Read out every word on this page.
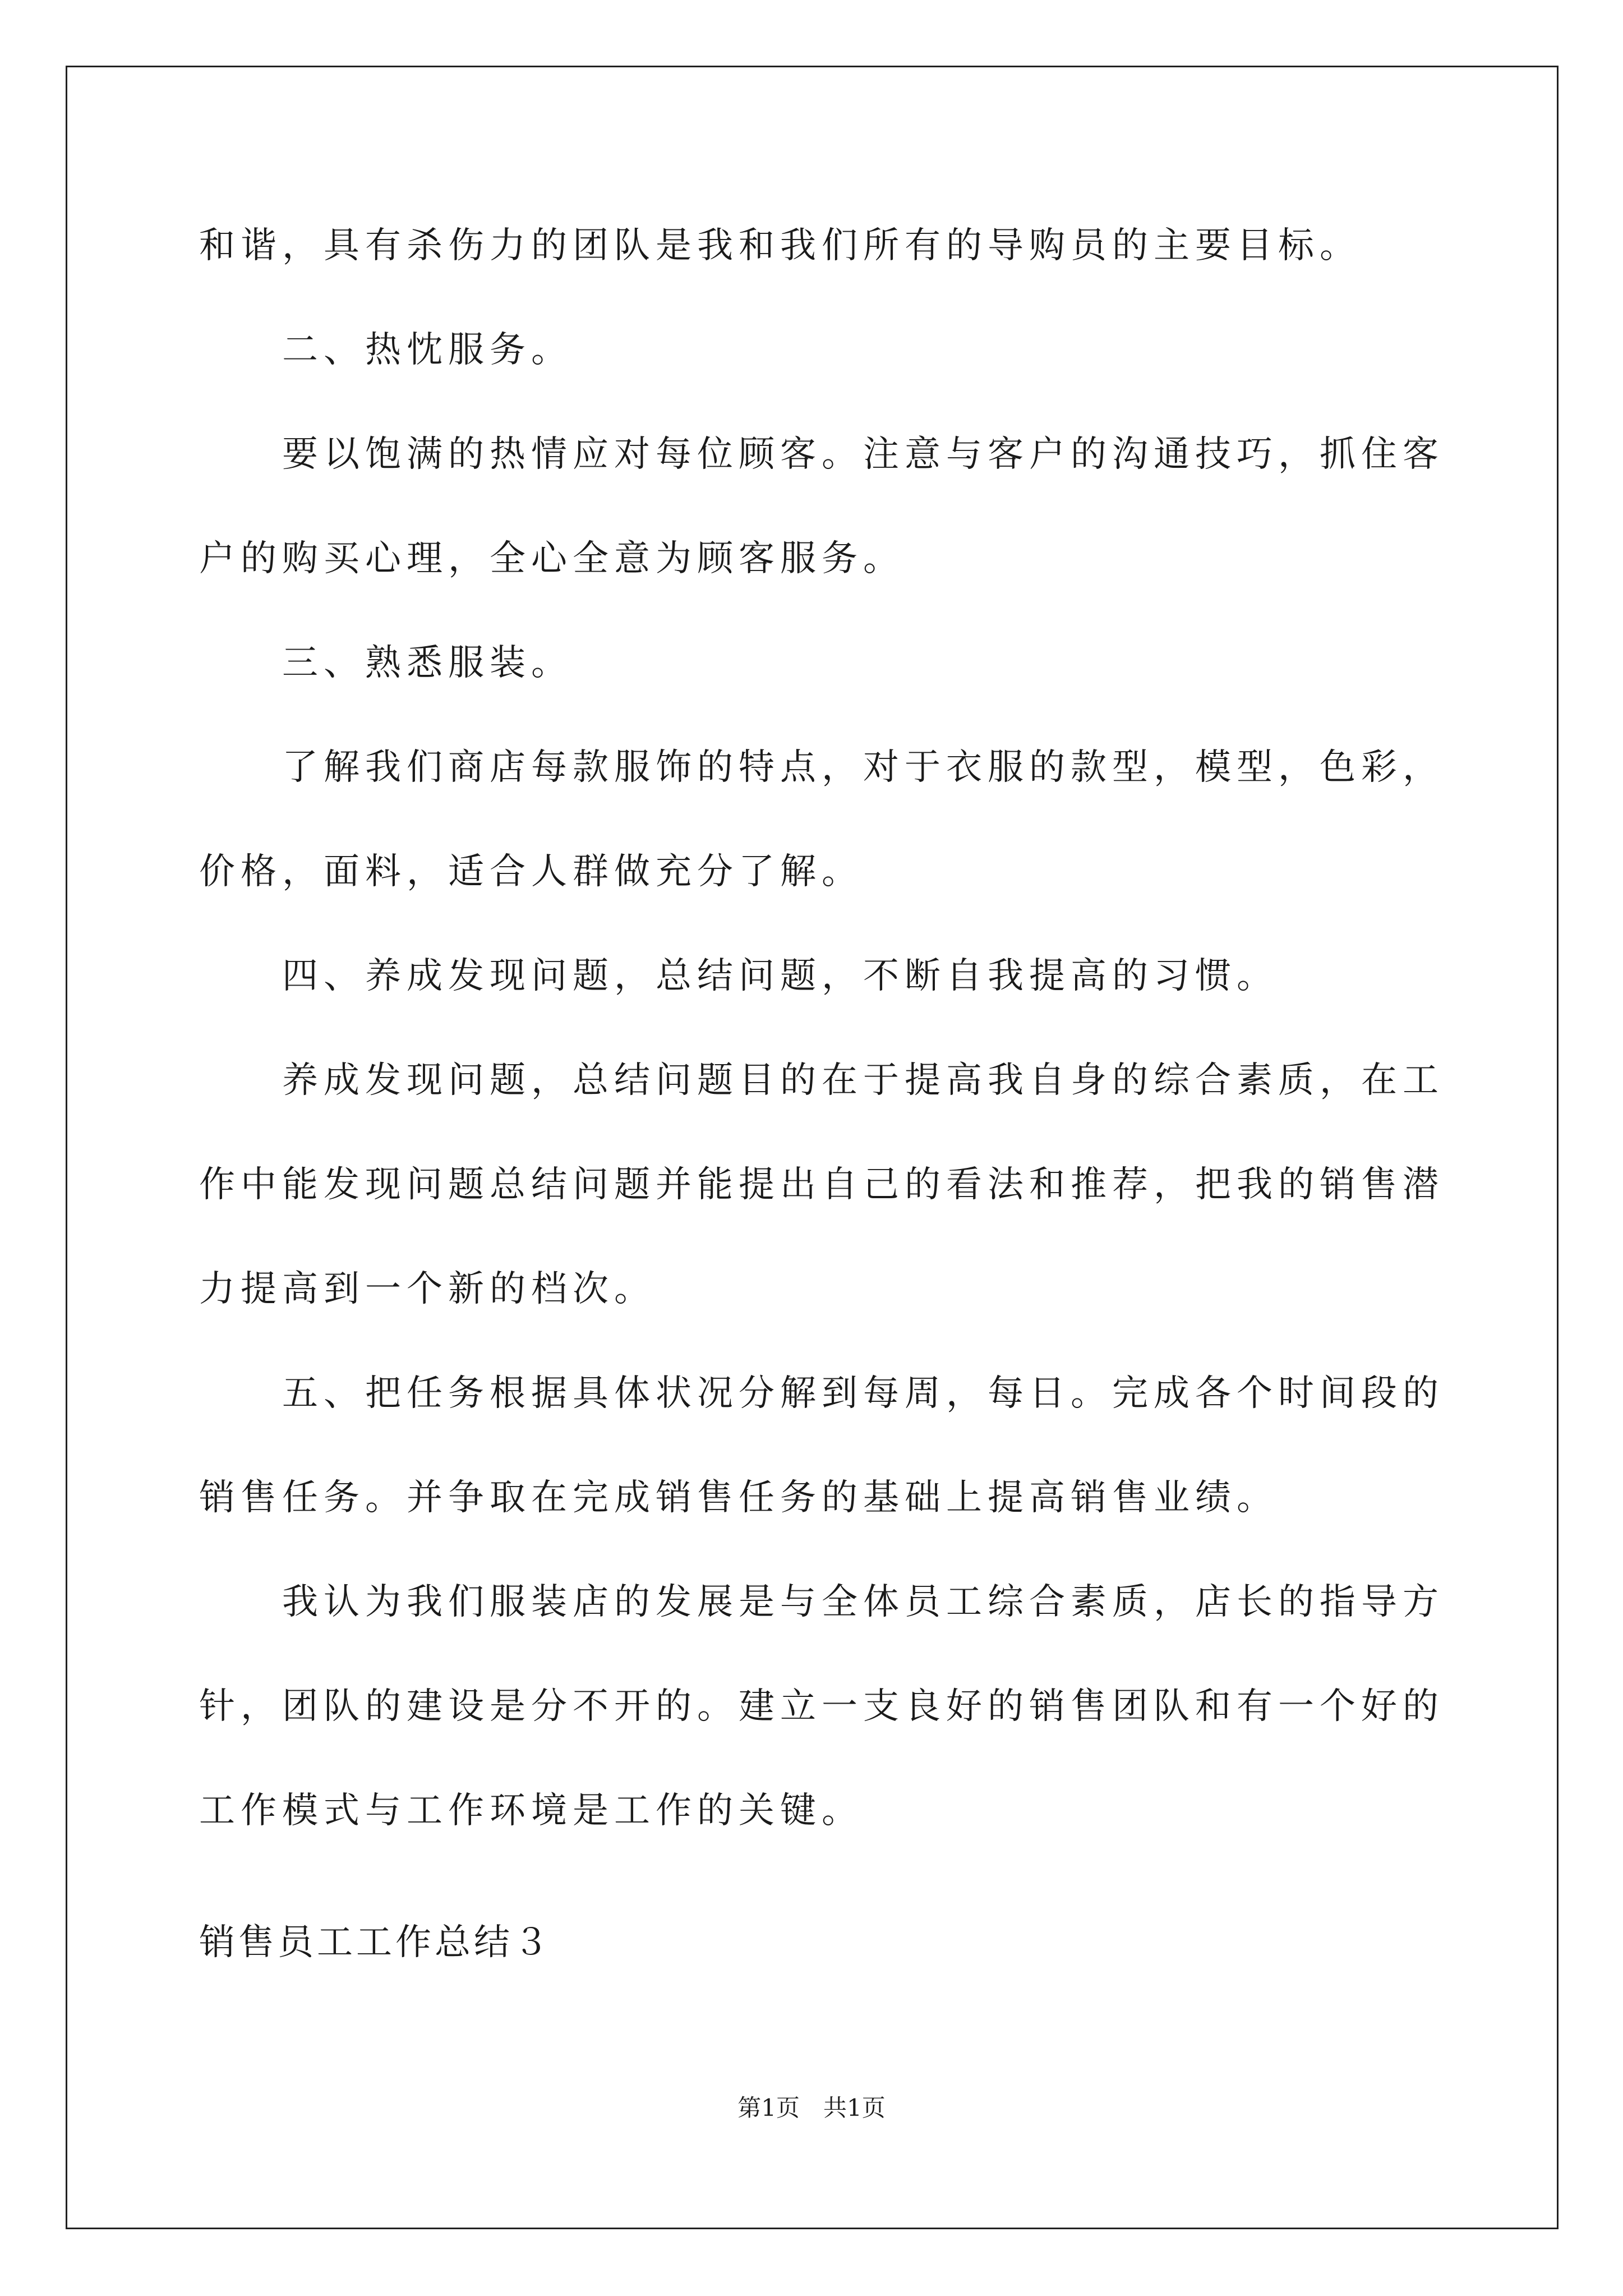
和谐，具有杀伤力的团队是我和我们所有的导购员的主要目标。
　　二、热忱服务。
　　要以饱满的热情应对每位顾客。注意与客户的沟通技巧，抓住客
户的购买心理，全心全意为顾客服务。
　　三、熟悉服装。
　　了解我们商店每款服饰的特点，对于衣服的款型，模型，色彩，
价格，面料，适合人群做充分了解。
　　四、养成发现问题，总结问题，不断自我提高的习惯。
　　养成发现问题，总结问题目的在于提高我自身的综合素质，在工
作中能发现问题总结问题并能提出自己的看法和推荐，把我的销售潜
力提高到一个新的档次。
　　五、把任务根据具体状况分解到每周，每日。完成各个时间段的
销售任务。并争取在完成销售任务的基础上提高销售业绩。
　　我认为我们服装店的发展是与全体员工综合素质，店长的指导方
针，团队的建设是分不开的。建立一支良好的销售团队和有一个好的
工作模式与工作环境是工作的关键。
销售员工工作总结３
第1页 共1页
